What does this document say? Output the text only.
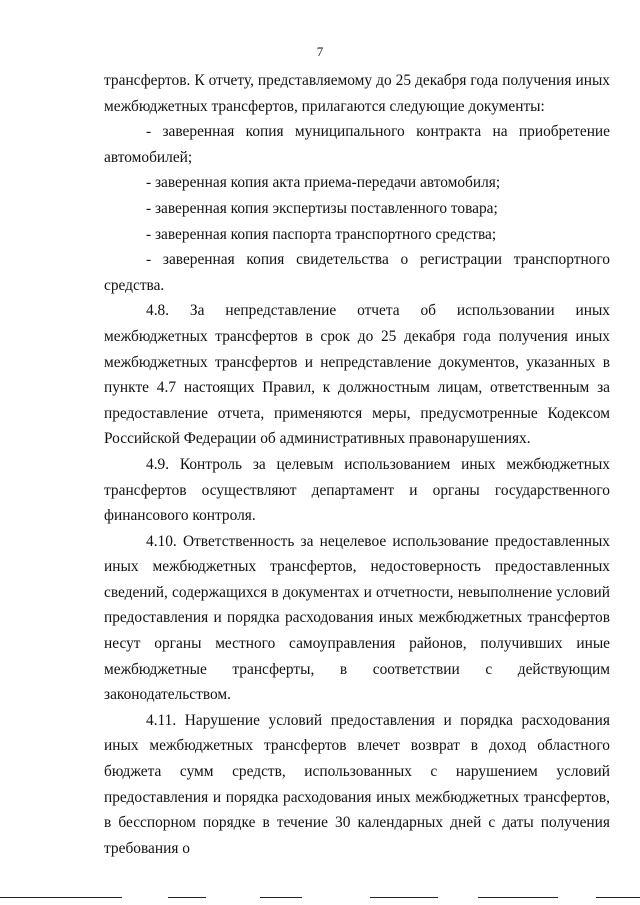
7

трансфертов. К отчету, представляемому до 25 декабря года получения иных межбюджетных трансфертов, прилагаются следующие документы:

- заверенная копия муниципального контракта на приобретение автомобилей;

- заверенная копия акта приема-передачи автомобиля;

- заверенная копия экспертизы поставленного товара;

- заверенная копия паспорта транспортного средства;

- заверенная копия свидетельства о регистрации транспортного средства.

4.8. За непредставление отчета об использовании иных межбюджетных трансфертов в срок до 25 декабря года получения иных межбюджетных трансфертов и непредставление документов, указанных в пункте 4.7 настоящих Правил, к должностным лицам, ответственным за предоставление отчета, применяются меры, предусмотренные Кодексом Российской Федерации об административных правонарушениях.

4.9. Контроль за целевым использованием иных межбюджетных трансфертов осуществляют департамент и органы государственного финансового контроля.

4.10. Ответственность за нецелевое использование предоставленных иных межбюджетных трансфертов, недостоверность предоставленных сведений, содержащихся в документах и отчетности, невыполнение условий предоставления и порядка расходования иных межбюджетных трансфертов несут органы местного самоуправления районов, получивших иные межбюджетные трансферты, в соответствии с действующим законодательством.

4.11. Нарушение условий предоставления и порядка расходования иных межбюджетных трансфертов влечет возврат в доход областного бюджета сумм средств, использованных с нарушением условий предоставления и порядка расходования иных межбюджетных трансфертов, в бесспорном порядке в течение 30 календарных дней с даты получения требования о
